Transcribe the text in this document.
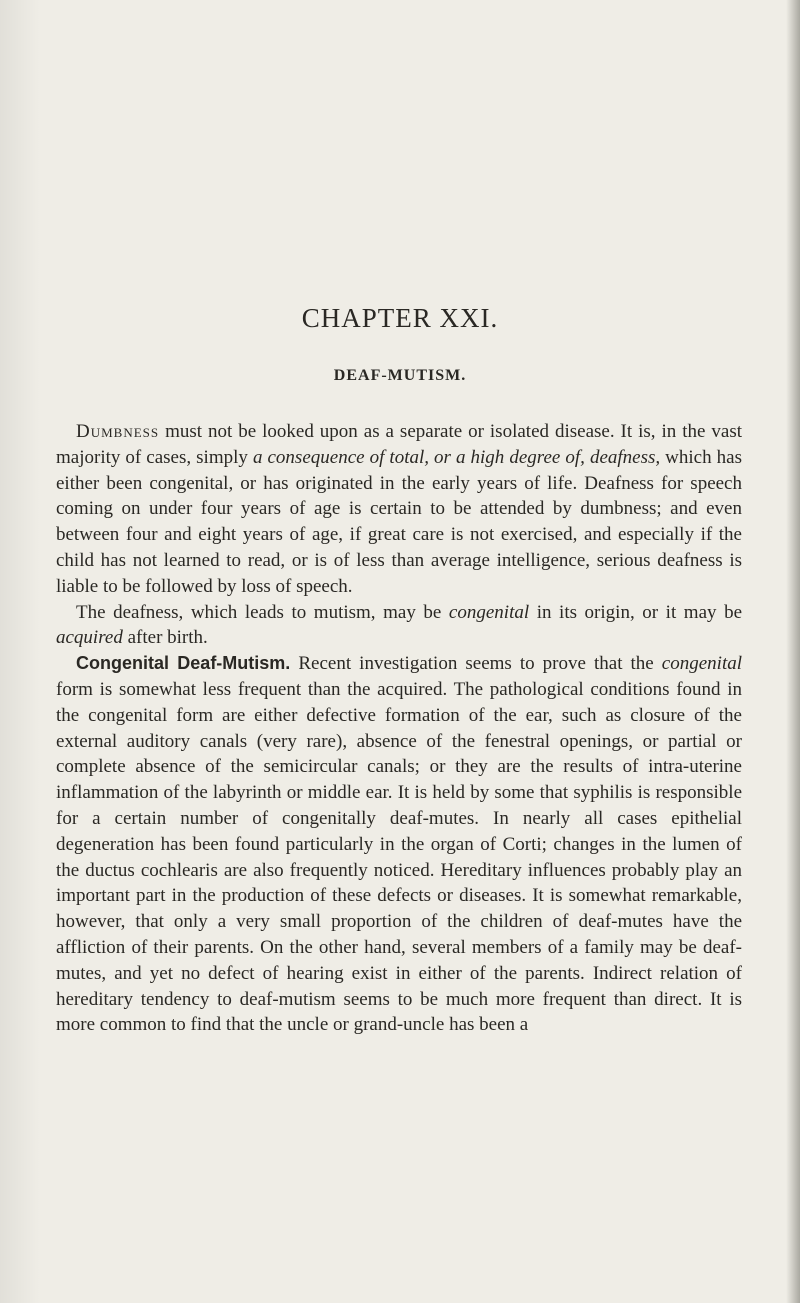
CHAPTER XXI.
DEAF-MUTISM.

Dumbness must not be looked upon as a separate or isolated disease. It is, in the vast majority of cases, simply a consequence of total, or a high degree of, deafness, which has either been congenital, or has originated in the early years of life. Deafness for speech coming on under four years of age is certain to be attended by dumbness; and even between four and eight years of age, if great care is not exercised, and especially if the child has not learned to read, or is of less than average intelligence, serious deafness is liable to be followed by loss of speech.

The deafness, which leads to mutism, may be congenital in its origin, or it may be acquired after birth.

Congenital Deaf-Mutism. Recent investigation seems to prove that the congenital form is somewhat less frequent than the acquired. The pathological conditions found in the congenital form are either defective formation of the ear, such as closure of the external auditory canals (very rare), absence of the fenestral openings, or partial or complete absence of the semicircular canals; or they are the results of intra-uterine inflammation of the labyrinth or middle ear. It is held by some that syphilis is responsible for a certain number of congenitally deaf-mutes. In nearly all cases epithelial degeneration has been found particularly in the organ of Corti; changes in the lumen of the ductus cochlearis are also frequently noticed. Hereditary influences probably play an important part in the production of these defects or diseases. It is somewhat remarkable, however, that only a very small proportion of the children of deaf-mutes have the affliction of their parents. On the other hand, several members of a family may be deaf-mutes, and yet no defect of hearing exist in either of the parents. Indirect relation of hereditary tendency to deaf-mutism seems to be much more frequent than direct. It is more common to find that the uncle or grand-uncle has been a
